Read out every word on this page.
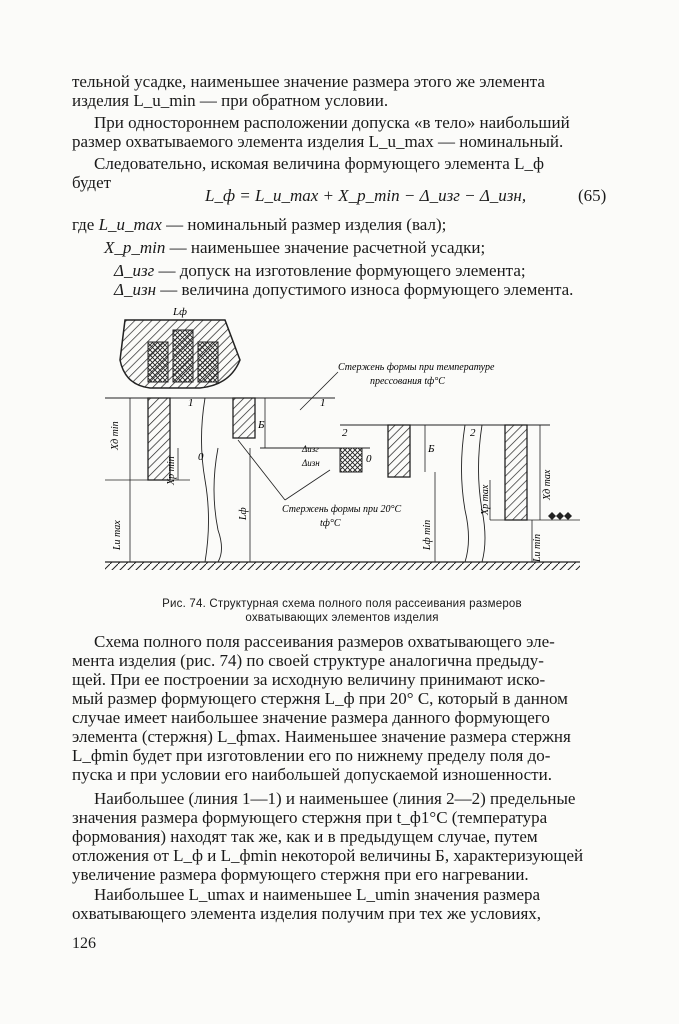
тельной усадке, наименьшее значение размера этого же элемента
изделия L_u_min — при обратном условии.
При одностороннем расположении допуска «в тело» наибольший
размер охватываемого элемента изделия L_u_max — номинальный.
Следовательно, искомая величина формующего элемента L_ф
будет
L_ф = L_u_max + X_p_min − Δ_изг − Δ_изн,	(65)
где L_u_max — номинальный размер изделия (вал);
X_p_min — наименьшее значение расчетной усадки;
Δ_изг — допуск на изготовление формующего элемента;
Δ_изн — величина допустимого износа формующего элемента.
Lф
Стержень формы при температуре
прессования tф°С
1	1
2	2
0	0
Б
Б
Δизг
Δизн
Стержень формы при 20°С
tф°С
Xд min
Xp min
Lu max
Lф
Lф min
Xp max	Xд max
Lu min
Рис. 74. Структурная схема полного поля рассеивания размеров
охватывающих элементов изделия
Схема полного поля рассеивания размеров охватывающего эле-
мента изделия (рис. 74) по своей структуре аналогична предыду-
щей. При ее построении за исходную величину принимают иско-
мый размер формующего стержня L_ф при 20° С, который в данном
случае имеет наибольшее значение размера данного формующего
элемента (стержня) L_фmax. Наименьшее значение размера стержня
L_фmin будет при изготовлении его по нижнему пределу поля до-
пуска и при условии его наибольшей допускаемой изношенности.
Наибольшее (линия 1—1) и наименьшее (линия 2—2) предельные
значения размера формующего стержня при t_ф1°С (температура
формования) находят так же, как и в предыдущем случае, путем
отложения от L_ф и L_фmin некоторой величины Б, характеризующей
увеличение размера формующего стержня при его нагревании.
Наибольшее L_umax и наименьшее L_umin значения размера
охватывающего элемента изделия получим при тех же условиях,
126
